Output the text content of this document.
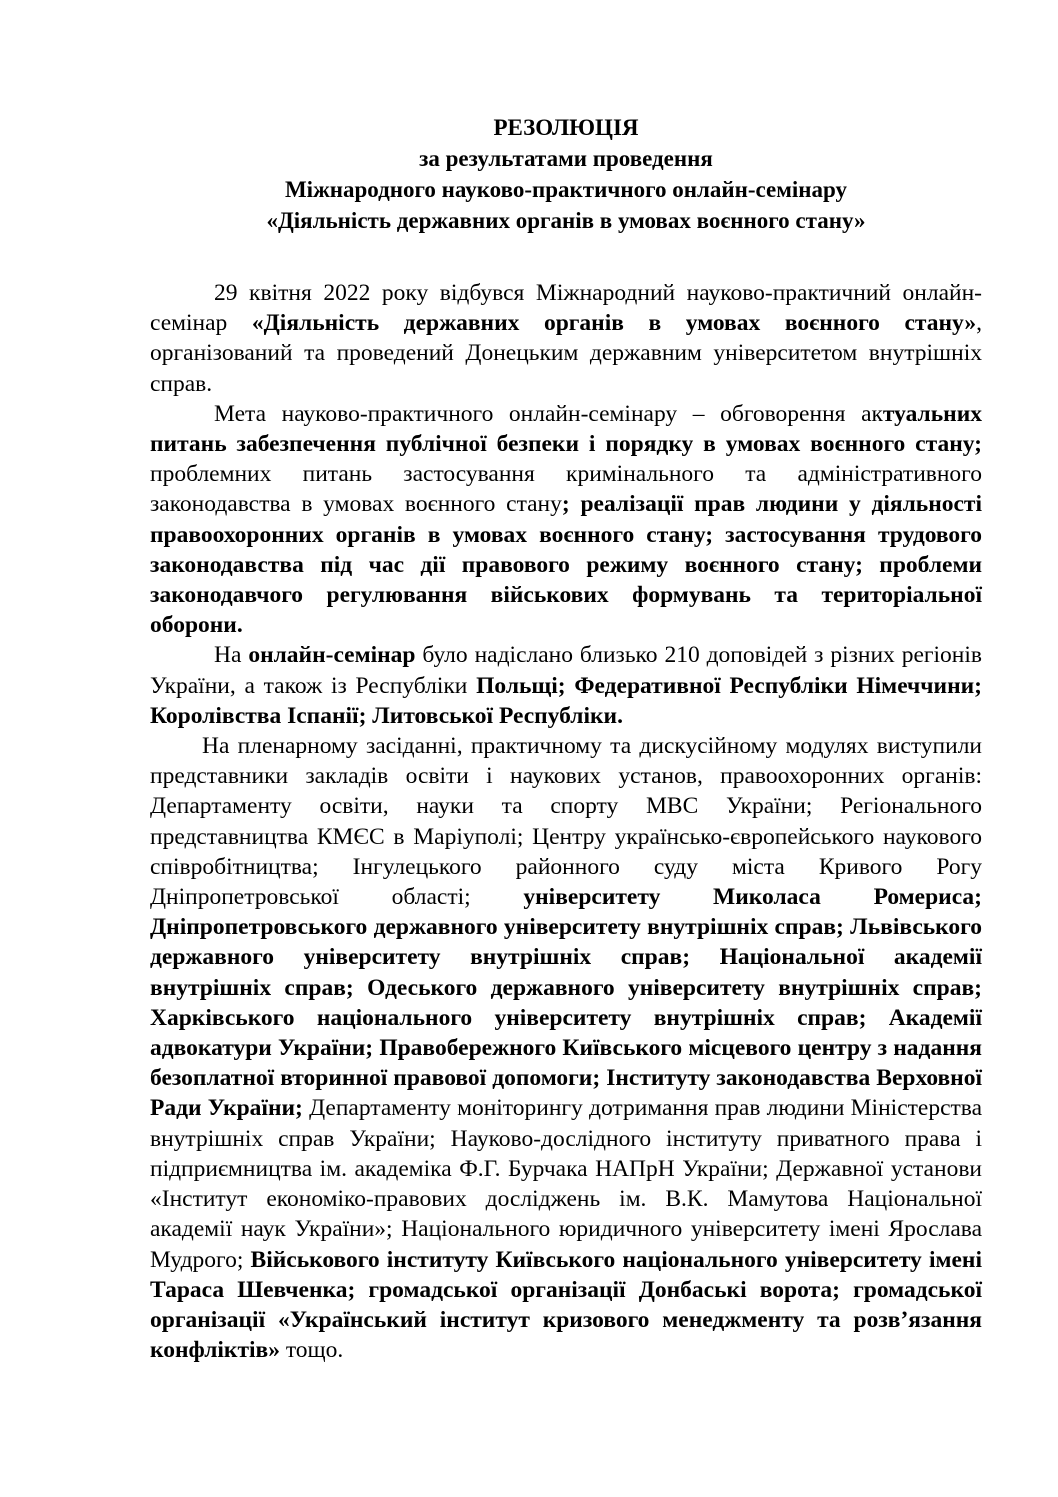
РЕЗОЛЮЦІЯ
за результатами проведення
Міжнародного науково-практичного онлайн-семінару
«Діяльність державних органів в умовах воєнного стану»

29 квітня 2022 року відбувся Міжнародний науково-практичний онлайн-семінар «Діяльність державних органів в умовах воєнного стану», організований та проведений Донецьким державним університетом внутрішніх справ.

Мета науково-практичного онлайн-семінару – обговорення актуальних питань забезпечення публічної безпеки і порядку в умовах воєнного стану; проблемних питань застосування кримінального та адміністративного законодавства в умовах воєнного стану; реалізації прав людини у діяльності правоохоронних органів в умовах воєнного стану; застосування трудового законодавства під час дії правового режиму воєнного стану; проблеми законодавчого регулювання військових формувань та територіальної оборони.

На онлайн-семінар було надіслано близько 210 доповідей з різних регіонів України, а також із Республіки Польщі; Федеративної Республіки Німеччини; Королівства Іспанії; Литовської Республіки.

На пленарному засіданні, практичному та дискусійному модулях виступили представники закладів освіти і наукових установ, правоохоронних органів: Департаменту освіти, науки та спорту МВС України; Регіонального представництва КМЄС в Маріуполі; Центру українсько-європейського наукового співробітництва; Інгулецького районного суду міста Кривого Рогу Дніпропетровської області; університету Миколаса Ромериса; Дніпропетровського державного університету внутрішніх справ; Львівського державного університету внутрішніх справ; Національної академії внутрішніх справ; Одеського державного університету внутрішніх справ; Харківського національного університету внутрішніх справ; Академії адвокатури України; Правобережного Київського місцевого центру з надання безоплатної вторинної правової допомоги; Інституту законодавства Верховної Ради України; Департаменту моніторингу дотримання прав людини Міністерства внутрішніх справ України; Науково-дослідного інституту приватного права і підприємництва ім. академіка Ф.Г. Бурчака НАПрН України; Державної установи «Інститут економіко-правових досліджень ім. В.К. Мамутова Національної академії наук України»; Національного юридичного університету імені Ярослава Мудрого; Військового інституту Київського національного університету імені Тараса Шевченка; громадської організації Донбаські ворота; громадської організації «Український інститут кризового менеджменту та розв’язання конфліктів» тощо.
